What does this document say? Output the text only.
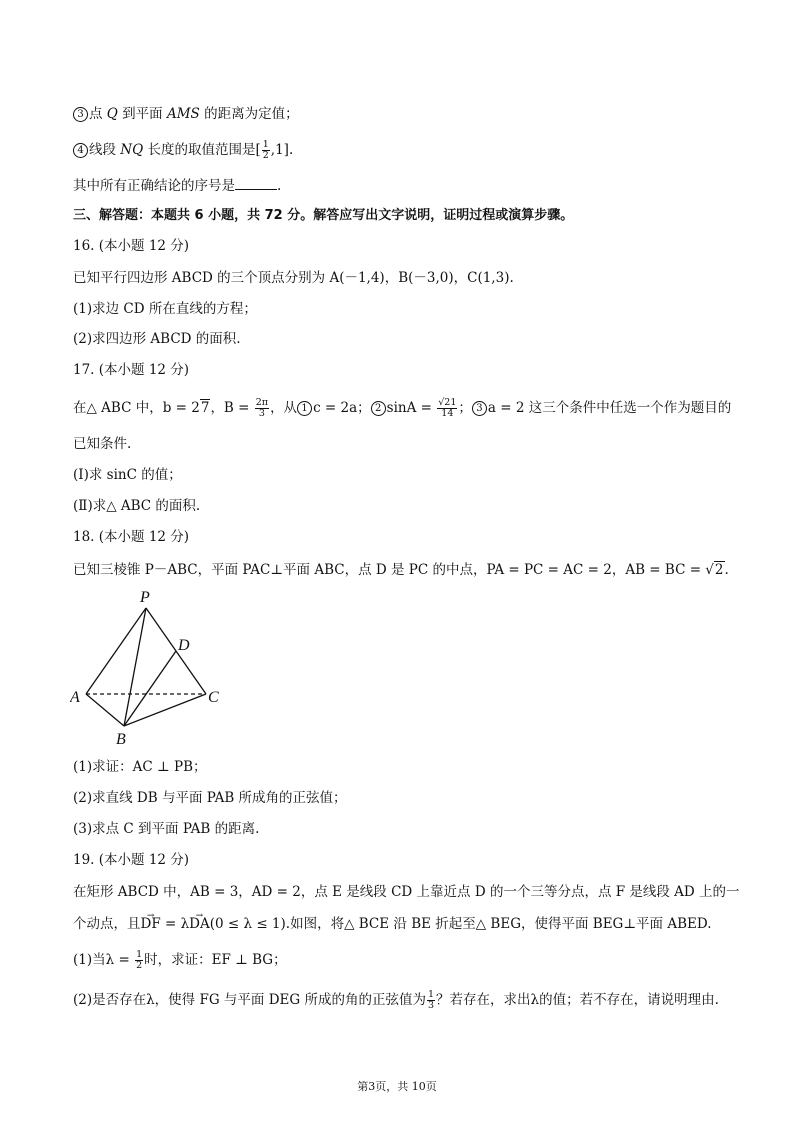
3 点 Q 到平面 AMS 的距离为定值；
4 线段 NQ 长度的取值范围是[ $\frac{1}{2} ,1$].
其中所有正确结论的序号是	.
三、解答题：本题共 6 小题，共 72 分。解答应写出文字说明，证明过程或演算步骤。
16. (本小题 12 分)
已知平行四边形 ABCD 的三个顶点分别为 A(－1,4)，B(－3,0)，C(1,3).
(1)求边 CD 所在直线的方程；
(2)求四边形 ABCD 的面积.
17. (本小题 12 分)
在△ ABC 中，b = 27，$B = \frac{2\pi}{3}$ ，从 1 c = 2a； 2 $\sin A = \frac{√21}{14}$ ； 3 a = 2 这三个条件中任选一个作为题目的
已知条件.
(Ⅰ)求 sinC 的值；
(Ⅱ)求△ ABC 的面积.
18. (本小题 12 分)
已知三棱锥 P－ABC，平面 PAC⊥平面 ABC，点 D 是 PC 的中点，PA = PC = AC = 2，AB = BC = √2.
P
D
A	C
B
(1)求证：AC ⊥ PB；
(2)求直线 DB 与平面 PAB 所成角的正弦值；
(3)求点 C 到平面 PAB 的距离.
19. (本小题 12 分)
在矩形 ABCD 中，AB = 3，AD = 2，点 E 是线段 CD 上靠近点 D 的一个三等分点，点 F 是线段 AD 上的一
个动点，且→ DF = λ→ DA(0 ≤ λ ≤ 1).如图，将△ BCE 沿 BE 折起至△ BEG，使得平面 BEG⊥平面 ABED.
(1)当$\lambda = \frac{1}{2}$ 时，求证：EF ⊥ BG；
(2)是否存在λ，使得 FG 与平面 DEG 所成的角的正弦值为 $\frac{1}{3}$ ？若存在，求出λ的值；若不存在，请说明理由.
第3页，共 10页
